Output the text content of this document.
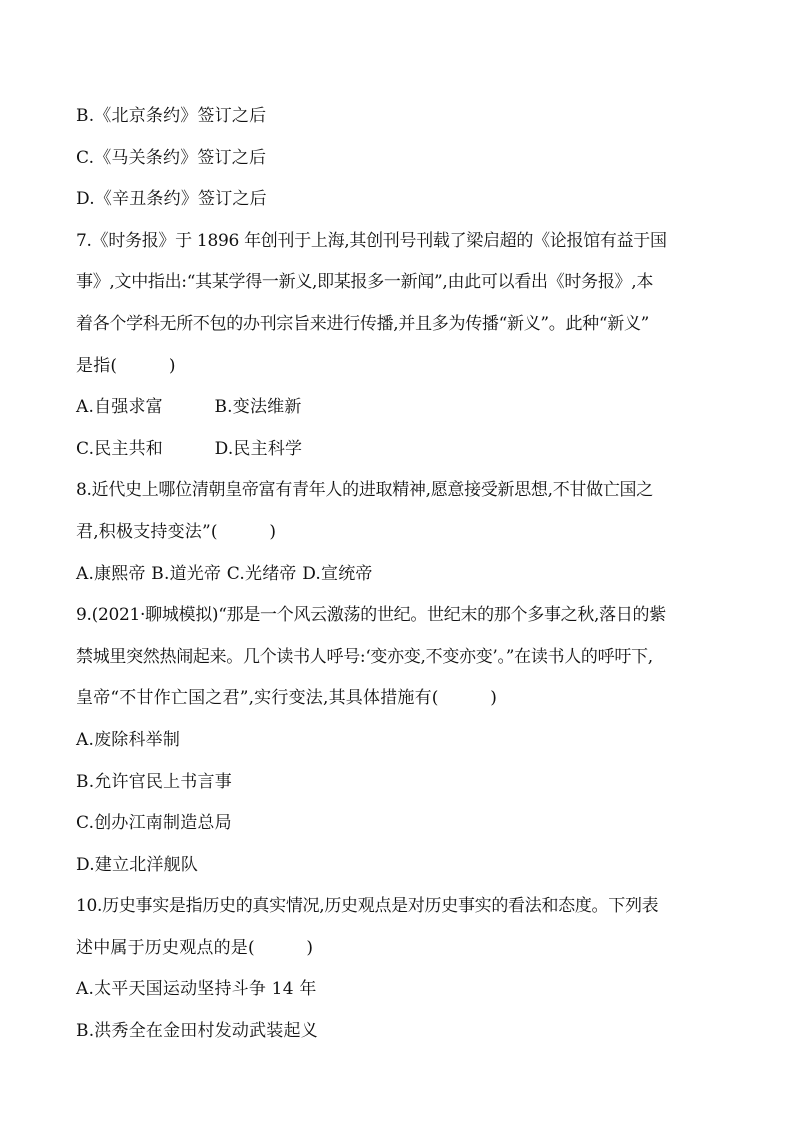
B.《北京条约》签订之后
C.《马关条约》签订之后
D.《辛丑条约》签订之后
7.《时务报》于 1896 年创刊于上海,其创刊号刊载了梁启超的《论报馆有益于国
事》,文中指出:“其某学得一新义,即某报多一新闻”,由此可以看出《时务报》,本
着各个学科无所不包的办刊宗旨来进行传播,并且多为传播“新义”。此种“新义”
是指(　　　)
A.自强求富　　　B.变法维新
C.民主共和　　　D.民主科学
8.近代史上哪位清朝皇帝富有青年人的进取精神,愿意接受新思想,不甘做亡国之
君,积极支持变法”(　　　)
A.康熙帝 B.道光帝 C.光绪帝 D.宣统帝
9.(2021·聊城模拟)“那是一个风云激荡的世纪。世纪末的那个多事之秋,落日的紫
禁城里突然热闹起来。几个读书人呼号:‘变亦变,不变亦变’。”在读书人的呼吁下,
皇帝“不甘作亡国之君”,实行变法,其具体措施有(　　　)
A.废除科举制
B.允许官民上书言事
C.创办江南制造总局
D.建立北洋舰队
10.历史事实是指历史的真实情况,历史观点是对历史事实的看法和态度。下列表
述中属于历史观点的是(　　　)
A.太平天国运动坚持斗争 14 年
B.洪秀全在金田村发动武装起义
